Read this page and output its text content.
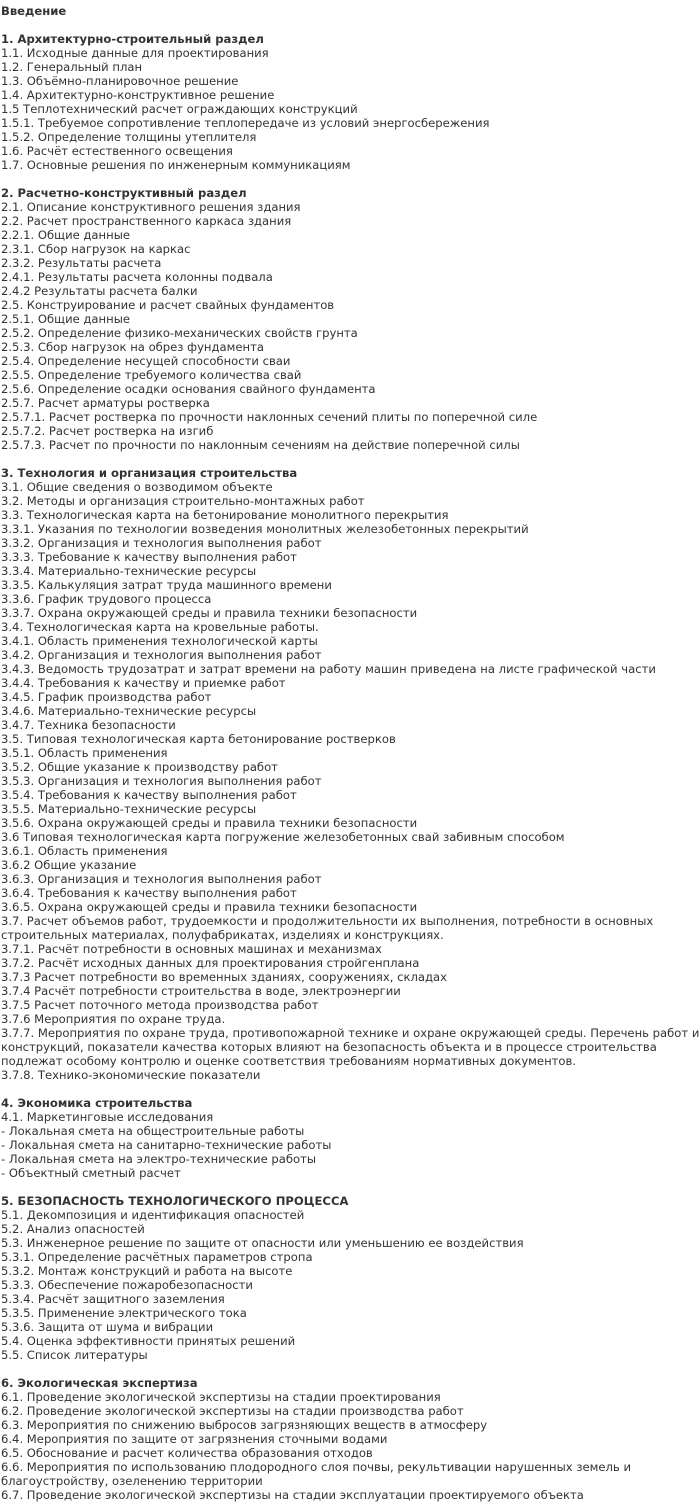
Введение
1. Архитектурно-строительный раздел
1.1. Исходные данные для проектирования
1.2. Генеральный план
1.3. Объёмно-планировочное решение
1.4. Архитектурно-конструктивное решение
1.5 Теплотехнический расчет ограждающих конструкций
1.5.1. Требуемое сопротивление теплопередаче из условий энергосбережения
1.5.2. Определение толщины утеплителя
1.6. Расчёт естественного освещения
1.7. Основные решения по инженерным коммуникациям
2. Расчетно-конструктивный раздел
2.1. Описание конструктивного решения здания
2.2. Расчет пространственного каркаса здания
2.2.1. Общие данные
2.3.1. Сбор нагрузок на каркас
2.3.2. Результаты расчета
2.4.1. Результаты расчета колонны подвала
2.4.2 Результаты расчета балки
2.5. Конструирование и расчет свайных фундаментов
2.5.1. Общие данные
2.5.2. Определение физико-механических свойств грунта
2.5.3. Сбор нагрузок на обрез фундамента
2.5.4. Определение несущей способности сваи
2.5.5. Определение требуемого количества свай
2.5.6. Определение осадки основания свайного фундамента
2.5.7. Расчет арматуры ростверка
2.5.7.1. Расчет ростверка по прочности наклонных сечений плиты по поперечной силе
2.5.7.2. Расчет ростверка на изгиб
2.5.7.3. Расчет по прочности по наклонным сечениям на действие поперечной силы
3. Технология и организация строительства
3.1. Общие сведения о возводимом объекте
3.2. Методы и организация строительно-монтажных работ
3.3. Технологическая карта на бетонирование монолитного перекрытия
3.3.1. Указания по технологии возведения монолитных железобетонных перекрытий
3.3.2. Организация и технология выполнения работ
3.3.3. Требование к качеству выполнения работ
3.3.4. Материально-технические ресурсы
3.3.5. Калькуляция затрат труда машинного времени
3.3.6. График трудового процесса
3.3.7. Охрана окружающей среды и правила техники безопасности
3.4. Технологическая карта на кровельные работы.
3.4.1. Область применения технологической карты
3.4.2. Организация и технология выполнения работ
3.4.3. Ведомость трудозатрат и затрат времени на работу машин приведена на листе графической части
3.4.4. Требования к качеству и приемке работ
3.4.5. График производства работ
3.4.6. Материально-технические ресурсы
3.4.7. Техника безопасности
3.5. Типовая технологическая карта бетонирование ростверков
3.5.1. Область применения
3.5.2. Общие указание к производству работ
3.5.3. Организация и технология выполнения работ
3.5.4. Требования к качеству выполнения работ
3.5.5. Материально-технические ресурсы
3.5.6. Охрана окружающей среды и правила техники безопасности
3.6 Типовая технологическая карта погружение железобетонных свай забивным способом
3.6.1. Область применения
3.6.2 Общие указание
3.6.3. Организация и технология выполнения работ
3.6.4. Требования к качеству выполнения работ
3.6.5. Охрана окружающей среды и правила техники безопасности
3.7. Расчет объемов работ, трудоемкости и продолжительности их выполнения, потребности в основных строительных материалах, полуфабрикатах, изделиях и конструкциях.
3.7.1. Расчёт потребности в основных машинах и механизмах
3.7.2. Расчёт исходных данных для проектирования стройгенплана
3.7.3 Расчет потребности во временных зданиях, сооружениях, складах
3.7.4 Расчёт потребности строительства в воде, электроэнергии
3.7.5 Расчет поточного метода производства работ
3.7.6 Мероприятия по охране труда.
3.7.7. Мероприятия по охране труда, противопожарной технике и охране окружающей среды. Перечень работ и конструкций, показатели качества которых влияют на безопасность объекта и в процессе строительства подлежат особому контролю и оценке соответствия требованиям нормативных документов.
3.7.8. Технико-экономические показатели
4. Экономика строительства
4.1. Маркетинговые исследования
- Локальная смета на общестроительные работы
- Локальная смета на санитарно-технические работы
- Локальная смета на электро-технические работы
- Объектный сметный расчет
5. БЕЗОПАСНОСТЬ ТЕХНОЛОГИЧЕСКОГО ПРОЦЕССА
5.1. Декомпозиция и идентификация опасностей
5.2. Анализ опасностей
5.3. Инженерное решение по защите от опасности или уменьшению ее воздействия
5.3.1. Определение расчётных параметров стропа
5.3.2. Монтаж конструкций и работа на высоте
5.3.3. Обеспечение пожаробезопасности
5.3.4. Расчёт защитного заземления
5.3.5. Применение электрического тока
5.3.6. Защита от шума и вибрации
5.4. Оценка эффективности принятых решений
5.5. Список литературы
6. Экологическая экспертиза
6.1. Проведение экологической экспертизы на стадии проектирования
6.2. Проведение экологической экспертизы на стадии производства работ
6.3. Мероприятия по снижению выбросов загрязняющих веществ в атмосферу
6.4. Мероприятия по защите от загрязнения сточными водами
6.5. Обоснование и расчет количества образования отходов
6.6. Мероприятия по использованию плодородного слоя почвы, рекультивации нарушенных земель и благоустройству, озеленению территории
6.7. Проведение экологической экспертизы на стадии эксплуатации проектируемого объекта
